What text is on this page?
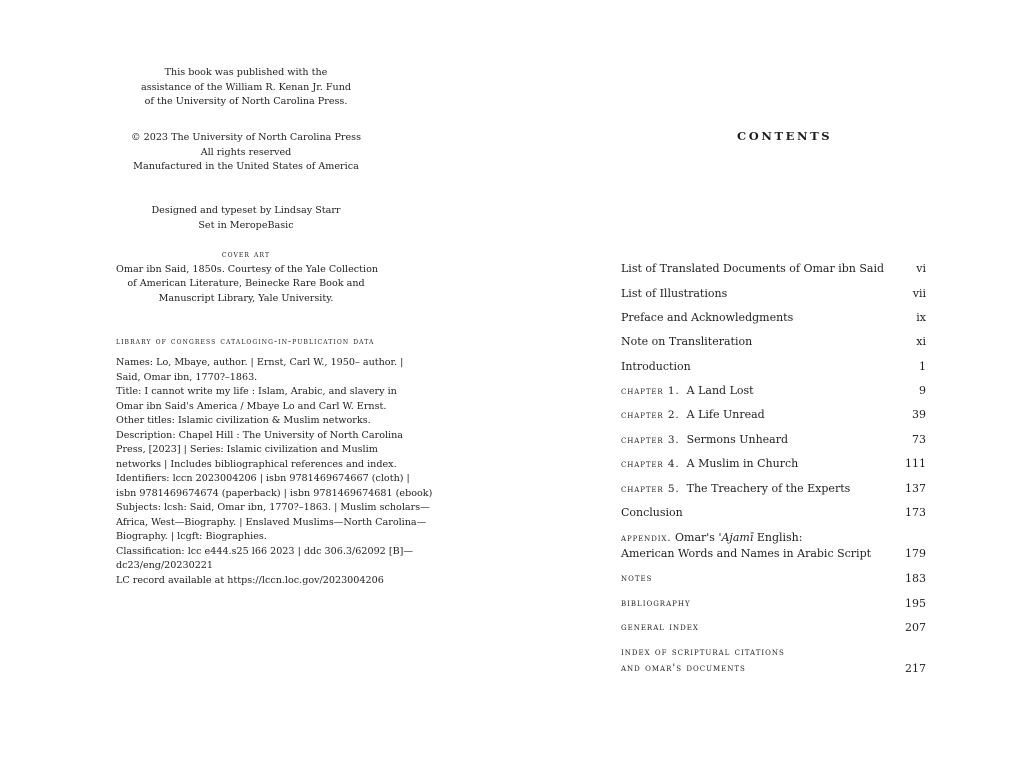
This book was published with the
assistance of the William R. Kenan Jr. Fund
of the University of North Carolina Press.
© 2023 The University of North Carolina Press
All rights reserved
Manufactured in the United States of America
Designed and typeset by Lindsay Starr
Set in MeropeBasic
cover art
Omar ibn Said, 1850s. Courtesy of the Yale Collection
of American Literature, Beinecke Rare Book and
Manuscript Library, Yale University.
library of congress cataloging-in-publication data
Names: Lo, Mbaye, author. | Ernst, Carl W., 1950– author. |
Said, Omar ibn, 1770?–1863.
Title: I cannot write my life : Islam, Arabic, and slavery in
Omar ibn Said's America / Mbaye Lo and Carl W. Ernst.
Other titles: Islamic civilization & Muslim networks.
Description: Chapel Hill : The University of North Carolina
Press, [2023] | Series: Islamic civilization and Muslim
networks | Includes bibliographical references and index.
Identifiers: lccn 2023004206 | isbn 9781469674667 (cloth) |
isbn 9781469674674 (paperback) | isbn 9781469674681 (ebook)
Subjects: lcsh: Said, Omar ibn, 1770?–1863. | Muslim scholars—
Africa, West—Biography. | Enslaved Muslims—North Carolina—
Biography. | lcgft: Biographies.
Classification: lcc e444.s25 l66 2023 | ddc 306.3/62092 [B]—
dc23/eng/20230221
LC record available at https://lccn.loc.gov/2023004206
CONTENTS
List of Translated Documents of Omar ibn Said	vi
List of Illustrations	vii
Preface and Acknowledgments	ix
Note on Transliteration	xi
Introduction	1
chapter 1. A Land Lost	9
chapter 2. A Life Unread	39
chapter 3. Sermons Unheard	73
chapter 4. A Muslim in Church	111
chapter 5. The Treachery of the Experts	137
Conclusion	173
appendix. Omar's 'Ajamī English:
American Words and Names in Arabic Script	179
notes	183
bibliography	195
general index	207
index of scriptural citations
and omar's documents	217
